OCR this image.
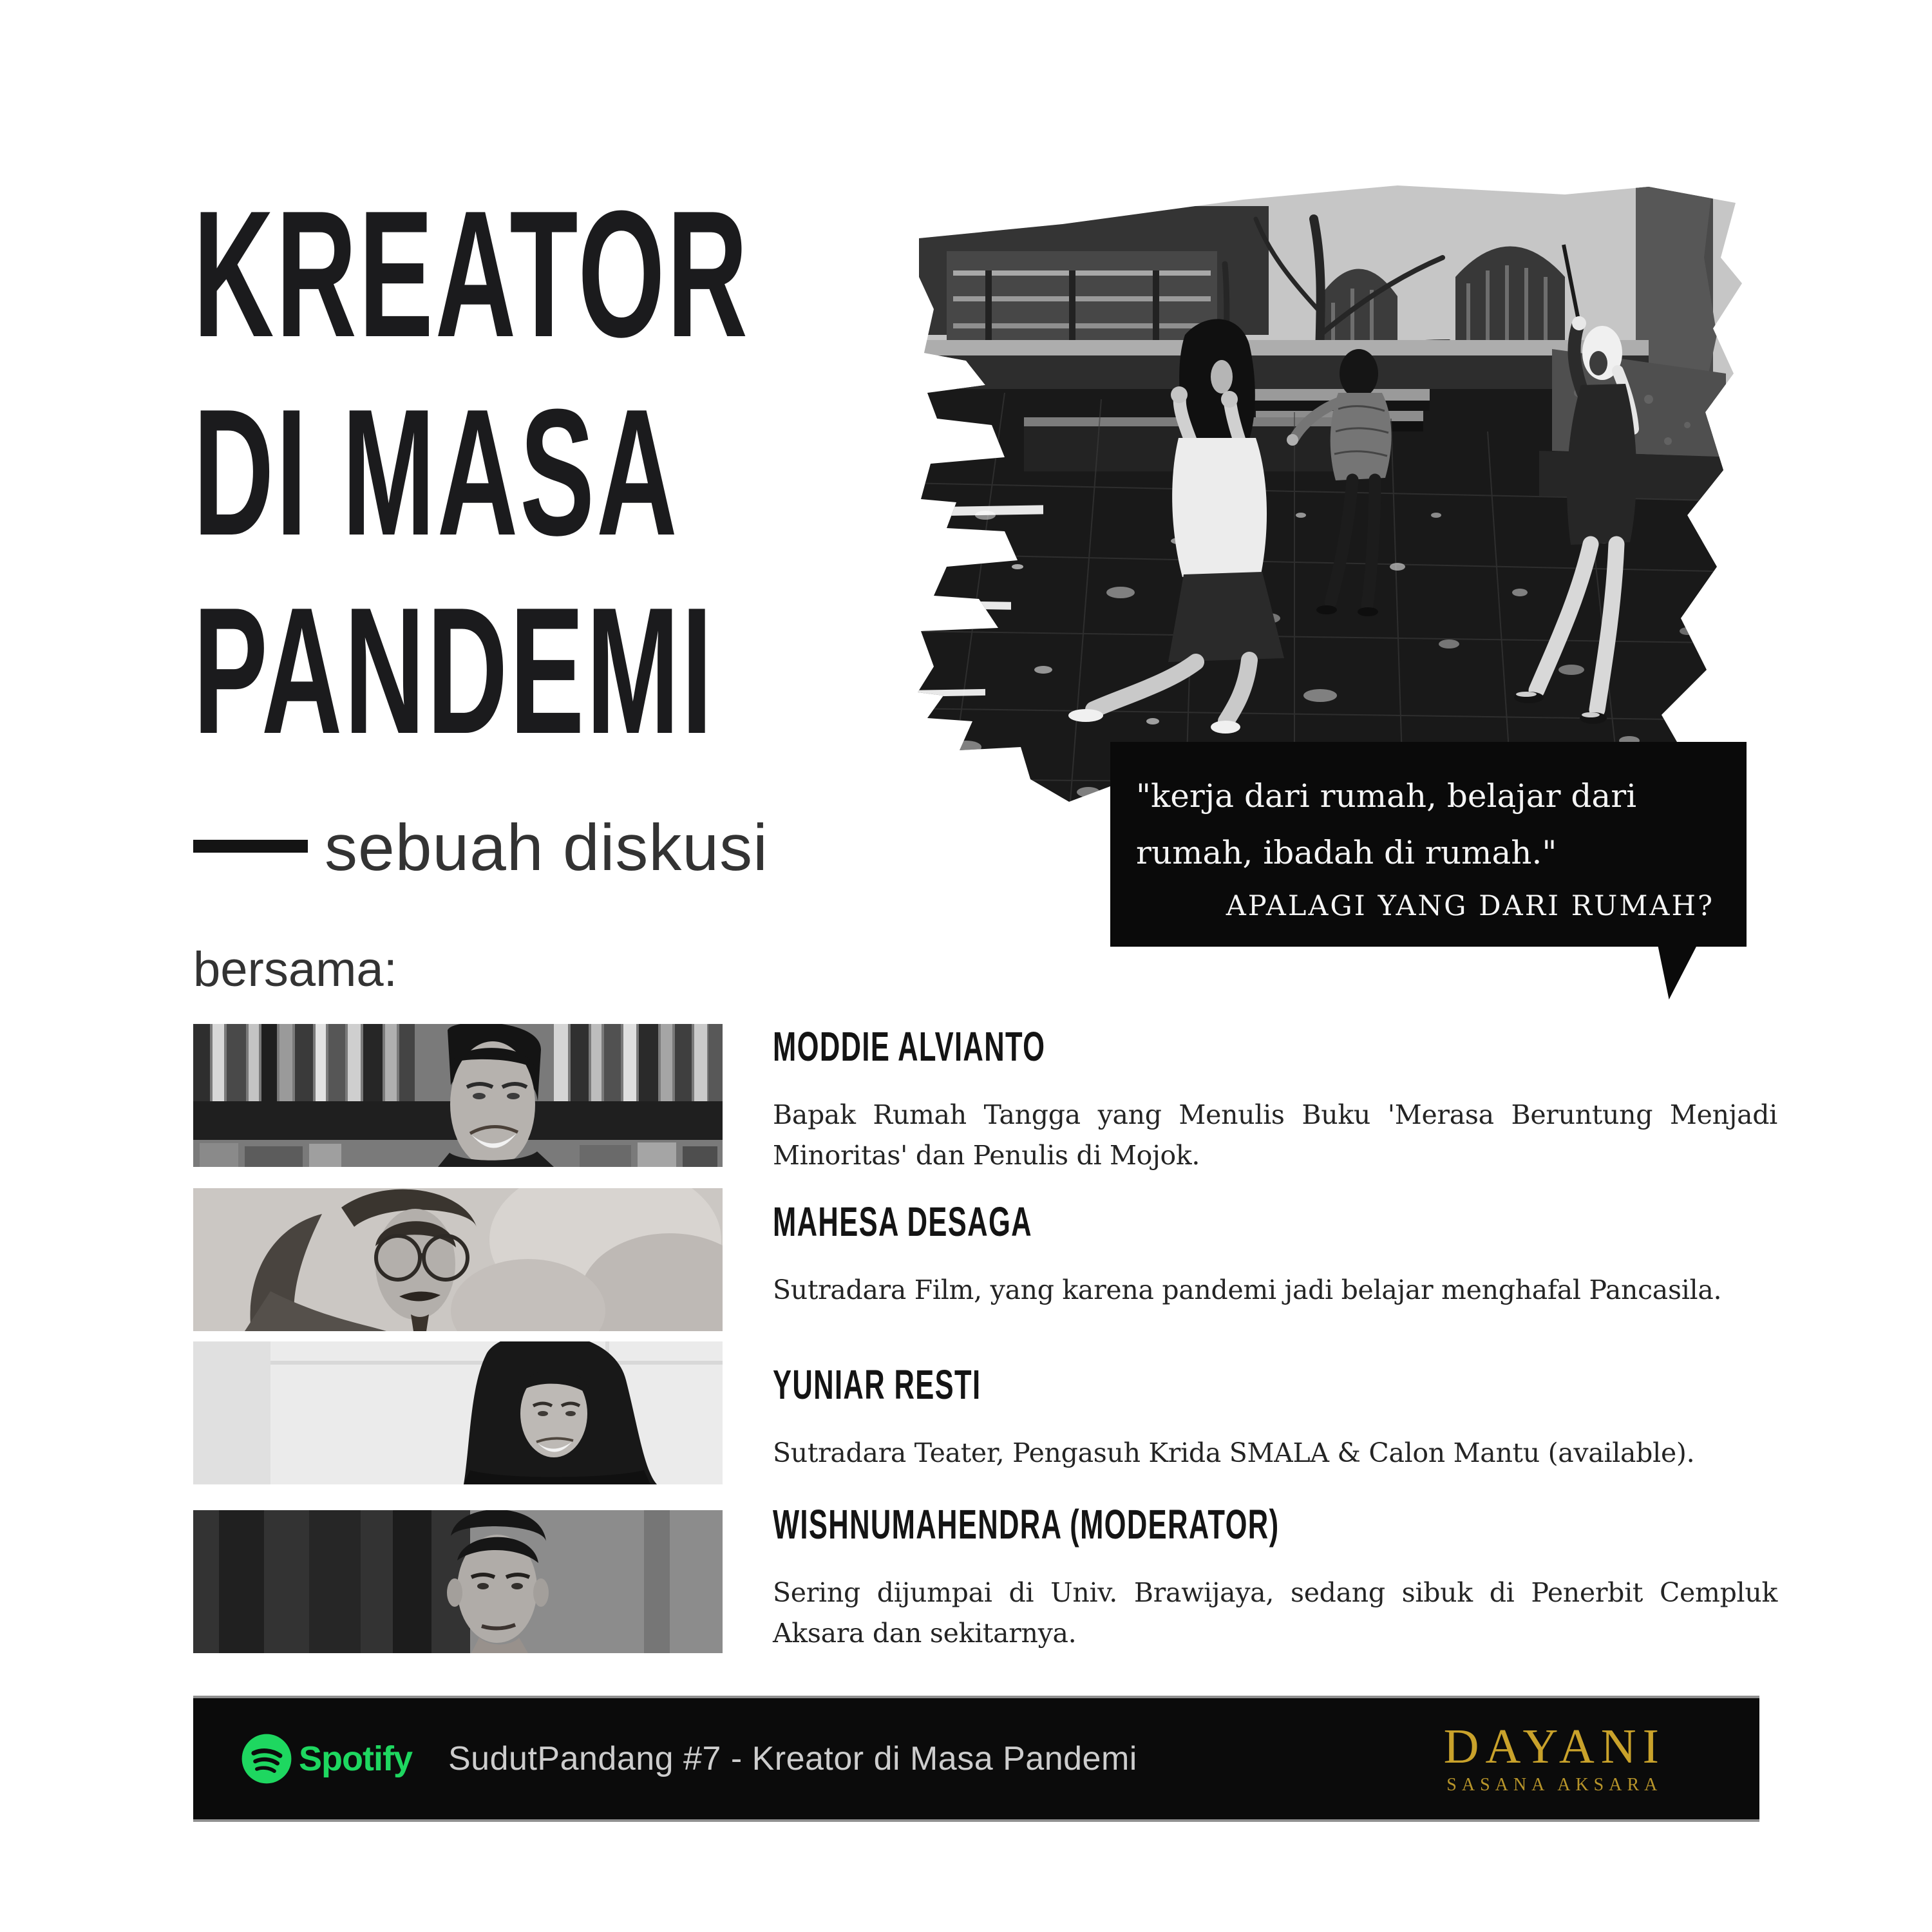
KREATOR
DI MASA
PANDEMI
sebuah diskusi
bersama:
"kerja dari rumah, belajar dari
rumah, ibadah di rumah."
APALAGI YANG DARI RUMAH?
MODDIE ALVIANTO
Bapak Rumah Tangga yang Menulis Buku 'Merasa Beruntung Menjadi Minoritas' dan Penulis di Mojok.
MAHESA DESAGA
Sutradara Film, yang karena pandemi jadi belajar menghafal Pancasila.
YUNIAR RESTI
Sutradara Teater, Pengasuh Krida SMALA & Calon Mantu (available).
WISHNUMAHENDRA (MODERATOR)
Sering dijumpai di Univ. Brawijaya, sedang sibuk di Penerbit Cempluk Aksara dan sekitarnya.
Spotify SudutPandang #7 - Kreator di Masa Pandemi	DAYANI
SASANA AKSARA
